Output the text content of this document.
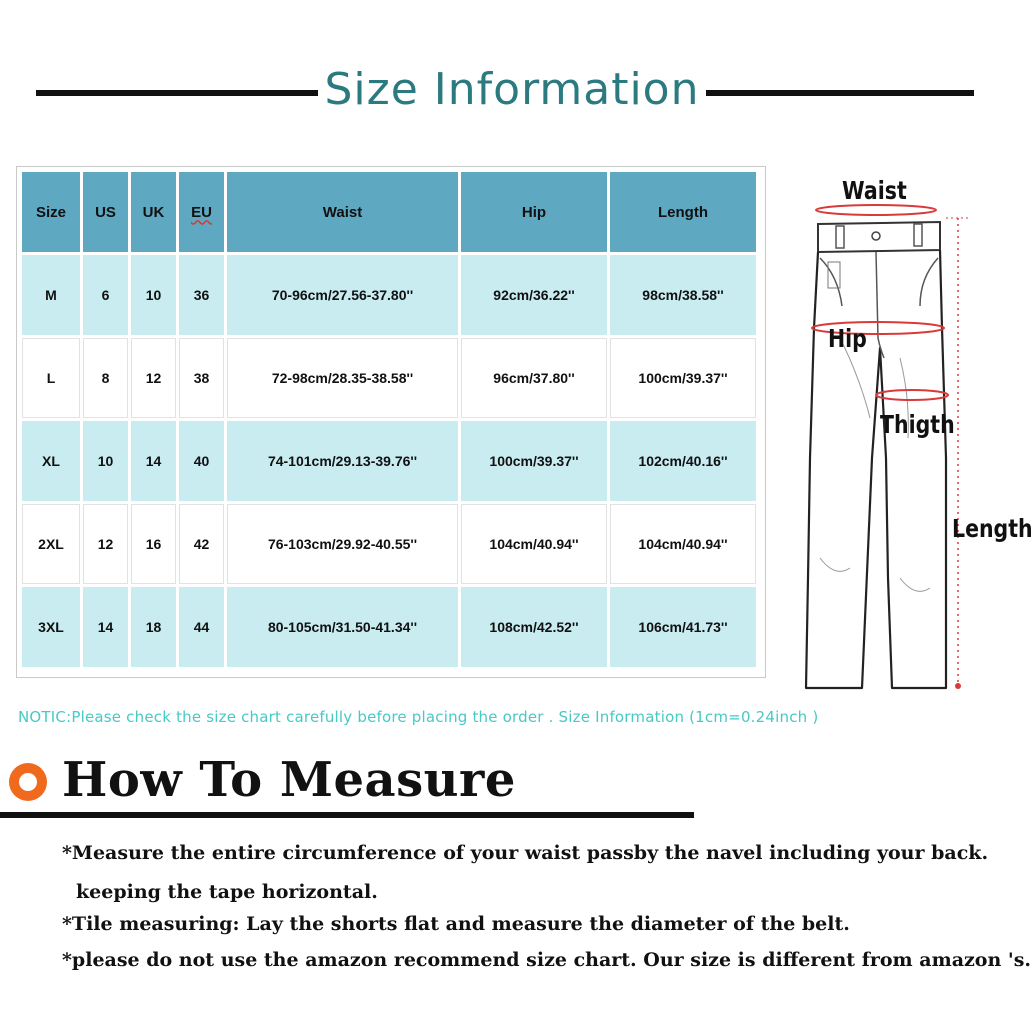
Size Information
Size	US	UK	EU	Waist	Hip	Length
M	6	10	36	70-96cm/27.56-37.80''	92cm/36.22''	98cm/38.58''
L	8	12	38	72-98cm/28.35-38.58''	96cm/37.80''	100cm/39.37''
XL	10	14	40	74-101cm/29.13-39.76''	100cm/39.37''	102cm/40.16''
2XL	12	16	42	76-103cm/29.92-40.55''	104cm/40.94''	104cm/40.94''
3XL	14	18	44	80-105cm/31.50-41.34''	108cm/42.52''	106cm/41.73''
Waist
Hip
Thigth
Length
NOTIC:Please check the size chart carefully before placing the order . Size Information (1cm=0.24inch )
How To Measure
*Measure the entire circumference of your waist passby the navel including your back.
keeping the tape horizontal.
*Tile measuring: Lay the shorts flat and measure the diameter of the belt.
*please do not use the amazon recommend size chart. Our size is different from amazon 's.
